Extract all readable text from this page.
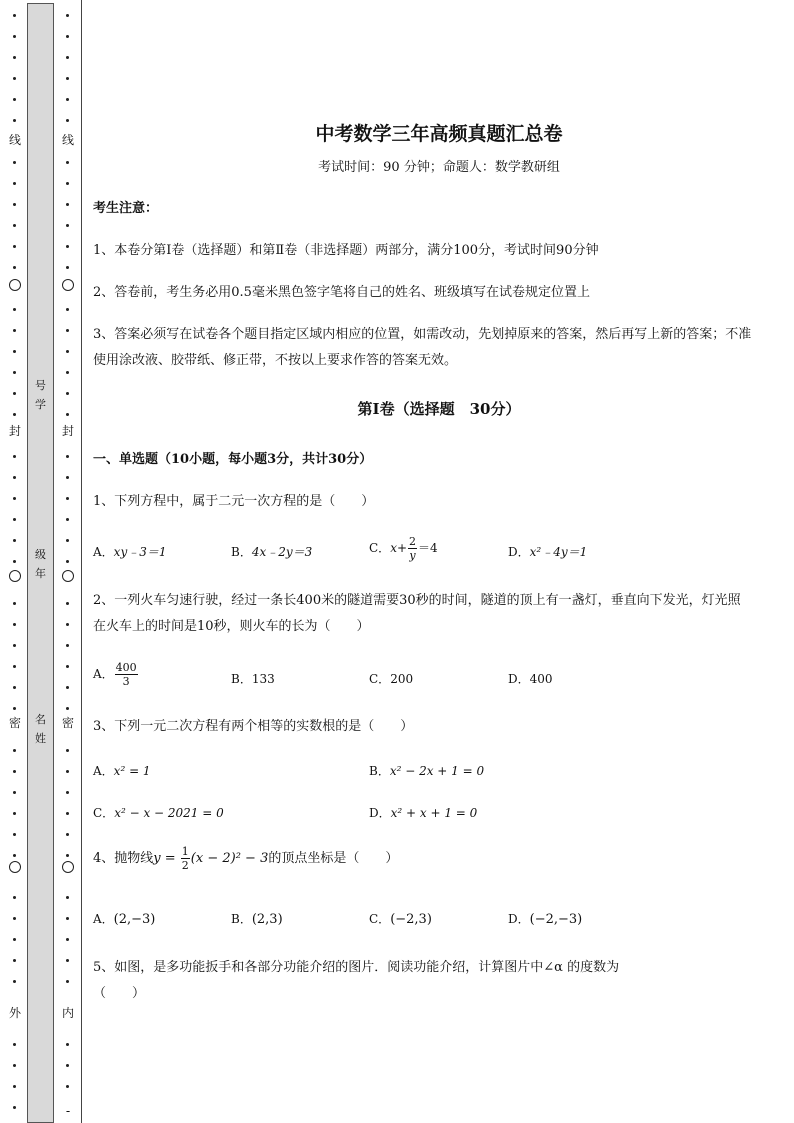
线
封
密
外
号
学
级
年
名
姓
线
封
密
内
-
中考数学三年高频真题汇总卷
考试时间：90 分钟；命题人：数学教研组
考生注意：
1、本卷分第Ⅰ卷（选择题）和第Ⅱ卷（非选择题）两部分，满分100分，考试时间90分钟
2、答卷前，考生务必用0.5毫米黑色签字笔将自己的姓名、班级填写在试卷规定位置上
3、答案必须写在试卷各个题目指定区域内相应的位置，如需改动，先划掉原来的答案，然后再写上新的答案；不准使用涂改液、胶带纸、修正带，不按以上要求作答的答案无效。
第Ⅰ卷（选择题　30分）
一、单选题（10小题，每小题3分，共计30分）
1、下列方程中，属于二元一次方程的是（　　）
A．xy﹣3＝1	B．4x﹣2y＝3	C．$x+ \frac{2}{y} =4$	D．x²﹣4y＝1
2、一列火车匀速行驶，经过一条长400米的隧道需要30秒的时间，隧道的顶上有一盏灯，垂直向下发光，灯光照在火车上的时间是10秒，则火车的长为（　　）
A． $\frac{400}{3}$	B．133	C．200	D．400
3、下列一元二次方程有两个相等的实数根的是（　　）
A．x² = 1	B．x² − 2x + 1 = 0
C．x² − x − 2021 = 0	D．x² + x + 1 = 0
4、抛物线$y = \frac{1}{2} (x - 2)^2 - 3$的顶点坐标是（　　）
A．(2,−3)	B．(2,3)	C．(−2,3)	D．(−2,−3)
5、如图，是多功能扳手和各部分功能介绍的图片．阅读功能介绍，计算图片中∠α 的度数为
（　　）
